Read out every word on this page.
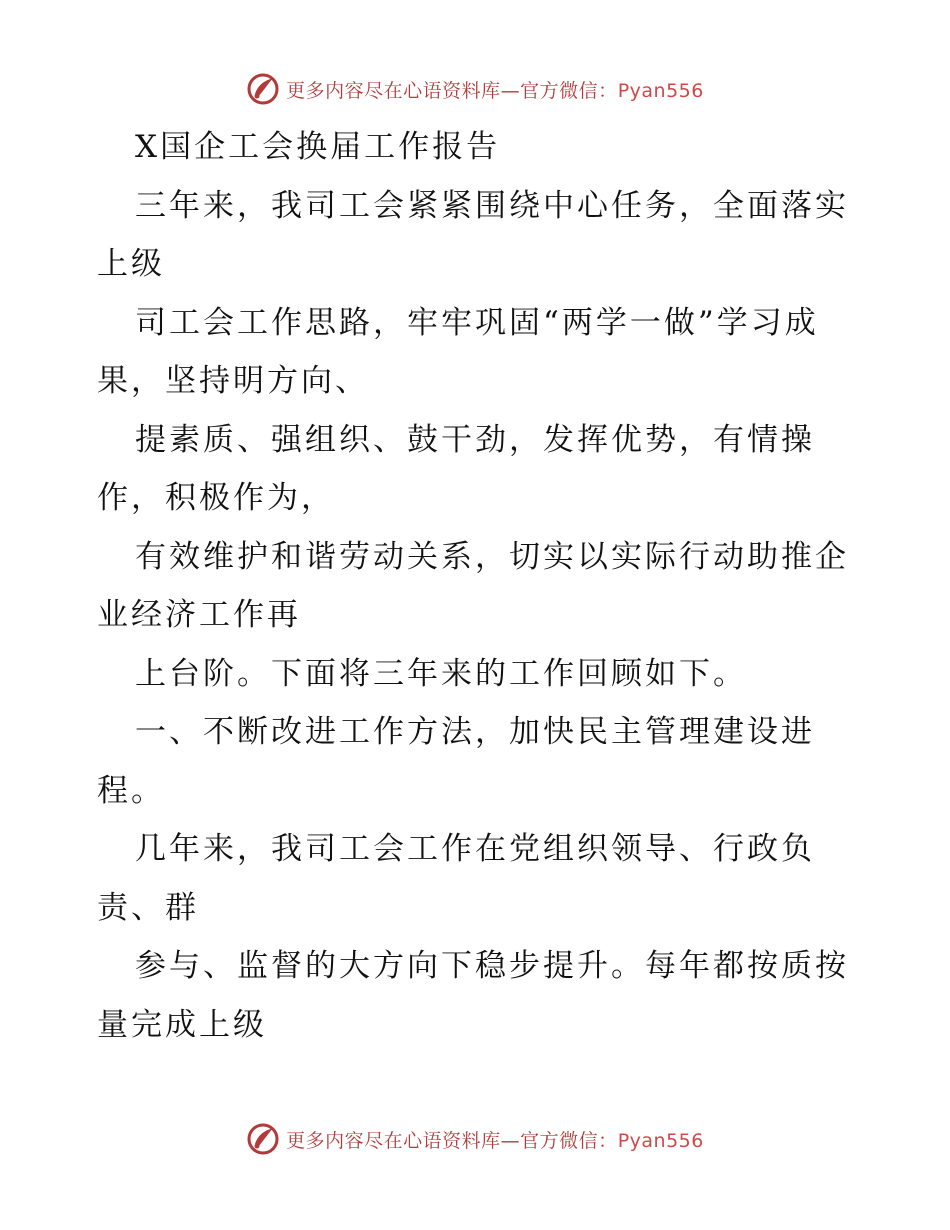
更多内容尽在心语资料库—官方微信：Pyan556

X国企工会换届工作报告

三年来，我司工会紧紧围绕中心任务，全面落实

上级

司工会工作思路，牢牢巩固“两学一做”学习成

果，坚持明方向、

提素质、强组织、鼓干劲，发挥优势，有情操

作，积极作为，

有效维护和谐劳动关系，切实以实际行动助推企

业经济工作再

上台阶。下面将三年来的工作回顾如下。

一、不断改进工作方法，加快民主管理建设进

程。

几年来，我司工会工作在党组织领导、行政负

责、群

参与、监督的大方向下稳步提升。每年都按质按

量完成上级

更多内容尽在心语资料库—官方微信：Pyan556
